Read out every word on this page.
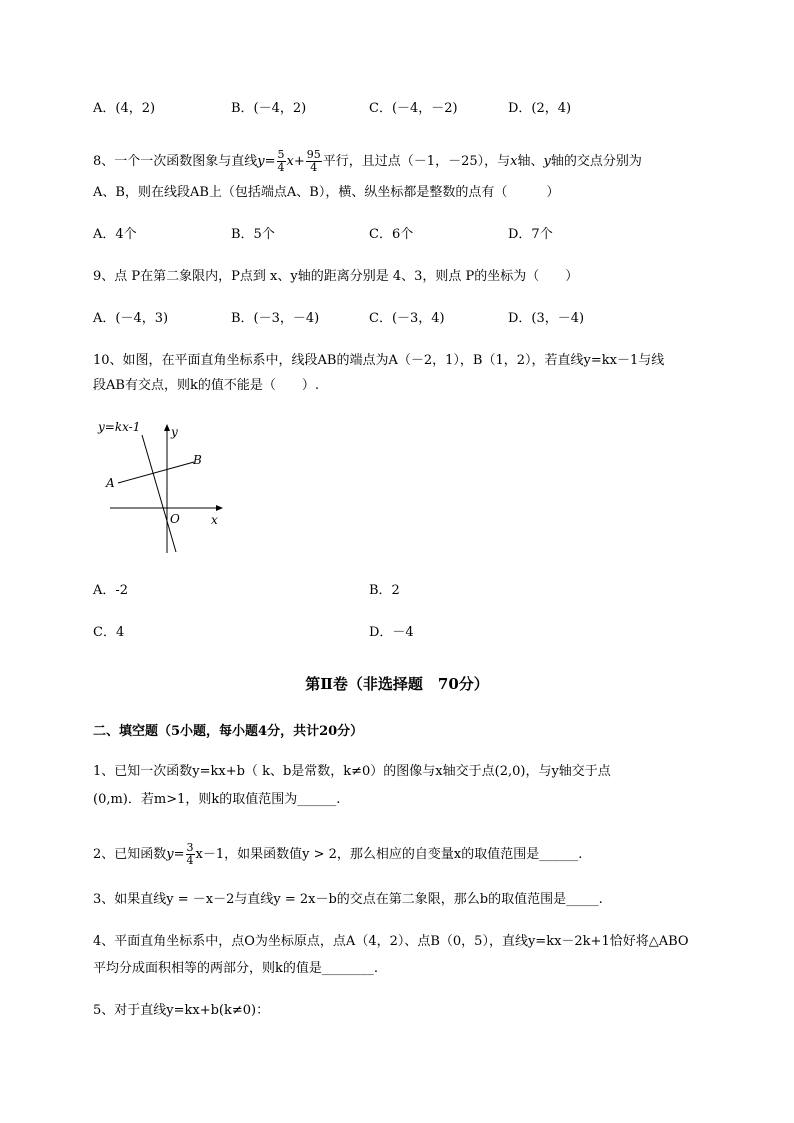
A．(4，2)	B．(－4，2)	C．(－4，－2)	D．(2，4)
8、一个一次函数图象与直线$y= \frac{5}{4} x+ \frac{95}{4}$ 平行，且过点（－1，－25），与x轴、y轴的交点分别为
A、B，则在线段AB上（包括端点A、B），横、纵坐标都是整数的点有（　　　）
A．4个	B．5个	C．6个	D．7个
9、点 P在第二象限内，P点到 x、y轴的距离分别是 4、3，则点 P的坐标为（　　）
A．(－4，3)	B．(－3，－4)	C．(－3，4)	D．(3，－4)
10、如图，在平面直角坐标系中，线段AB的端点为A（－2，1），B（1，2），若直线y=kx－1与线
段AB有交点，则k的值不能是（　　）.
y=kx-1	y
B
A
O	x
A．-2	B．2
C．4	D．－4
第Ⅱ卷（非选择题　70分）
二、填空题（5小题，每小题4分，共计20分）
1、已知一次函数y=kx+b（ k、b是常数，k≠0）的图像与x轴交于点(2,0)，与y轴交于点
(0,m)．若m>1，则k的取值范围为______.
2、已知函数$y= \frac{3}{4} x-1$，如果函数值y > 2，那么相应的自变量x的取值范围是______.
3、如果直线y = －x－2与直线y = 2x－b的交点在第二象限，那么b的取值范围是_____.
4、平面直角坐标系中，点O为坐标原点，点A（4，2）、点B（0，5），直线y=kx－2k+1恰好将△ABO
平均分成面积相等的两部分，则k的值是________.
5、对于直线y=kx+b(k≠0)：
